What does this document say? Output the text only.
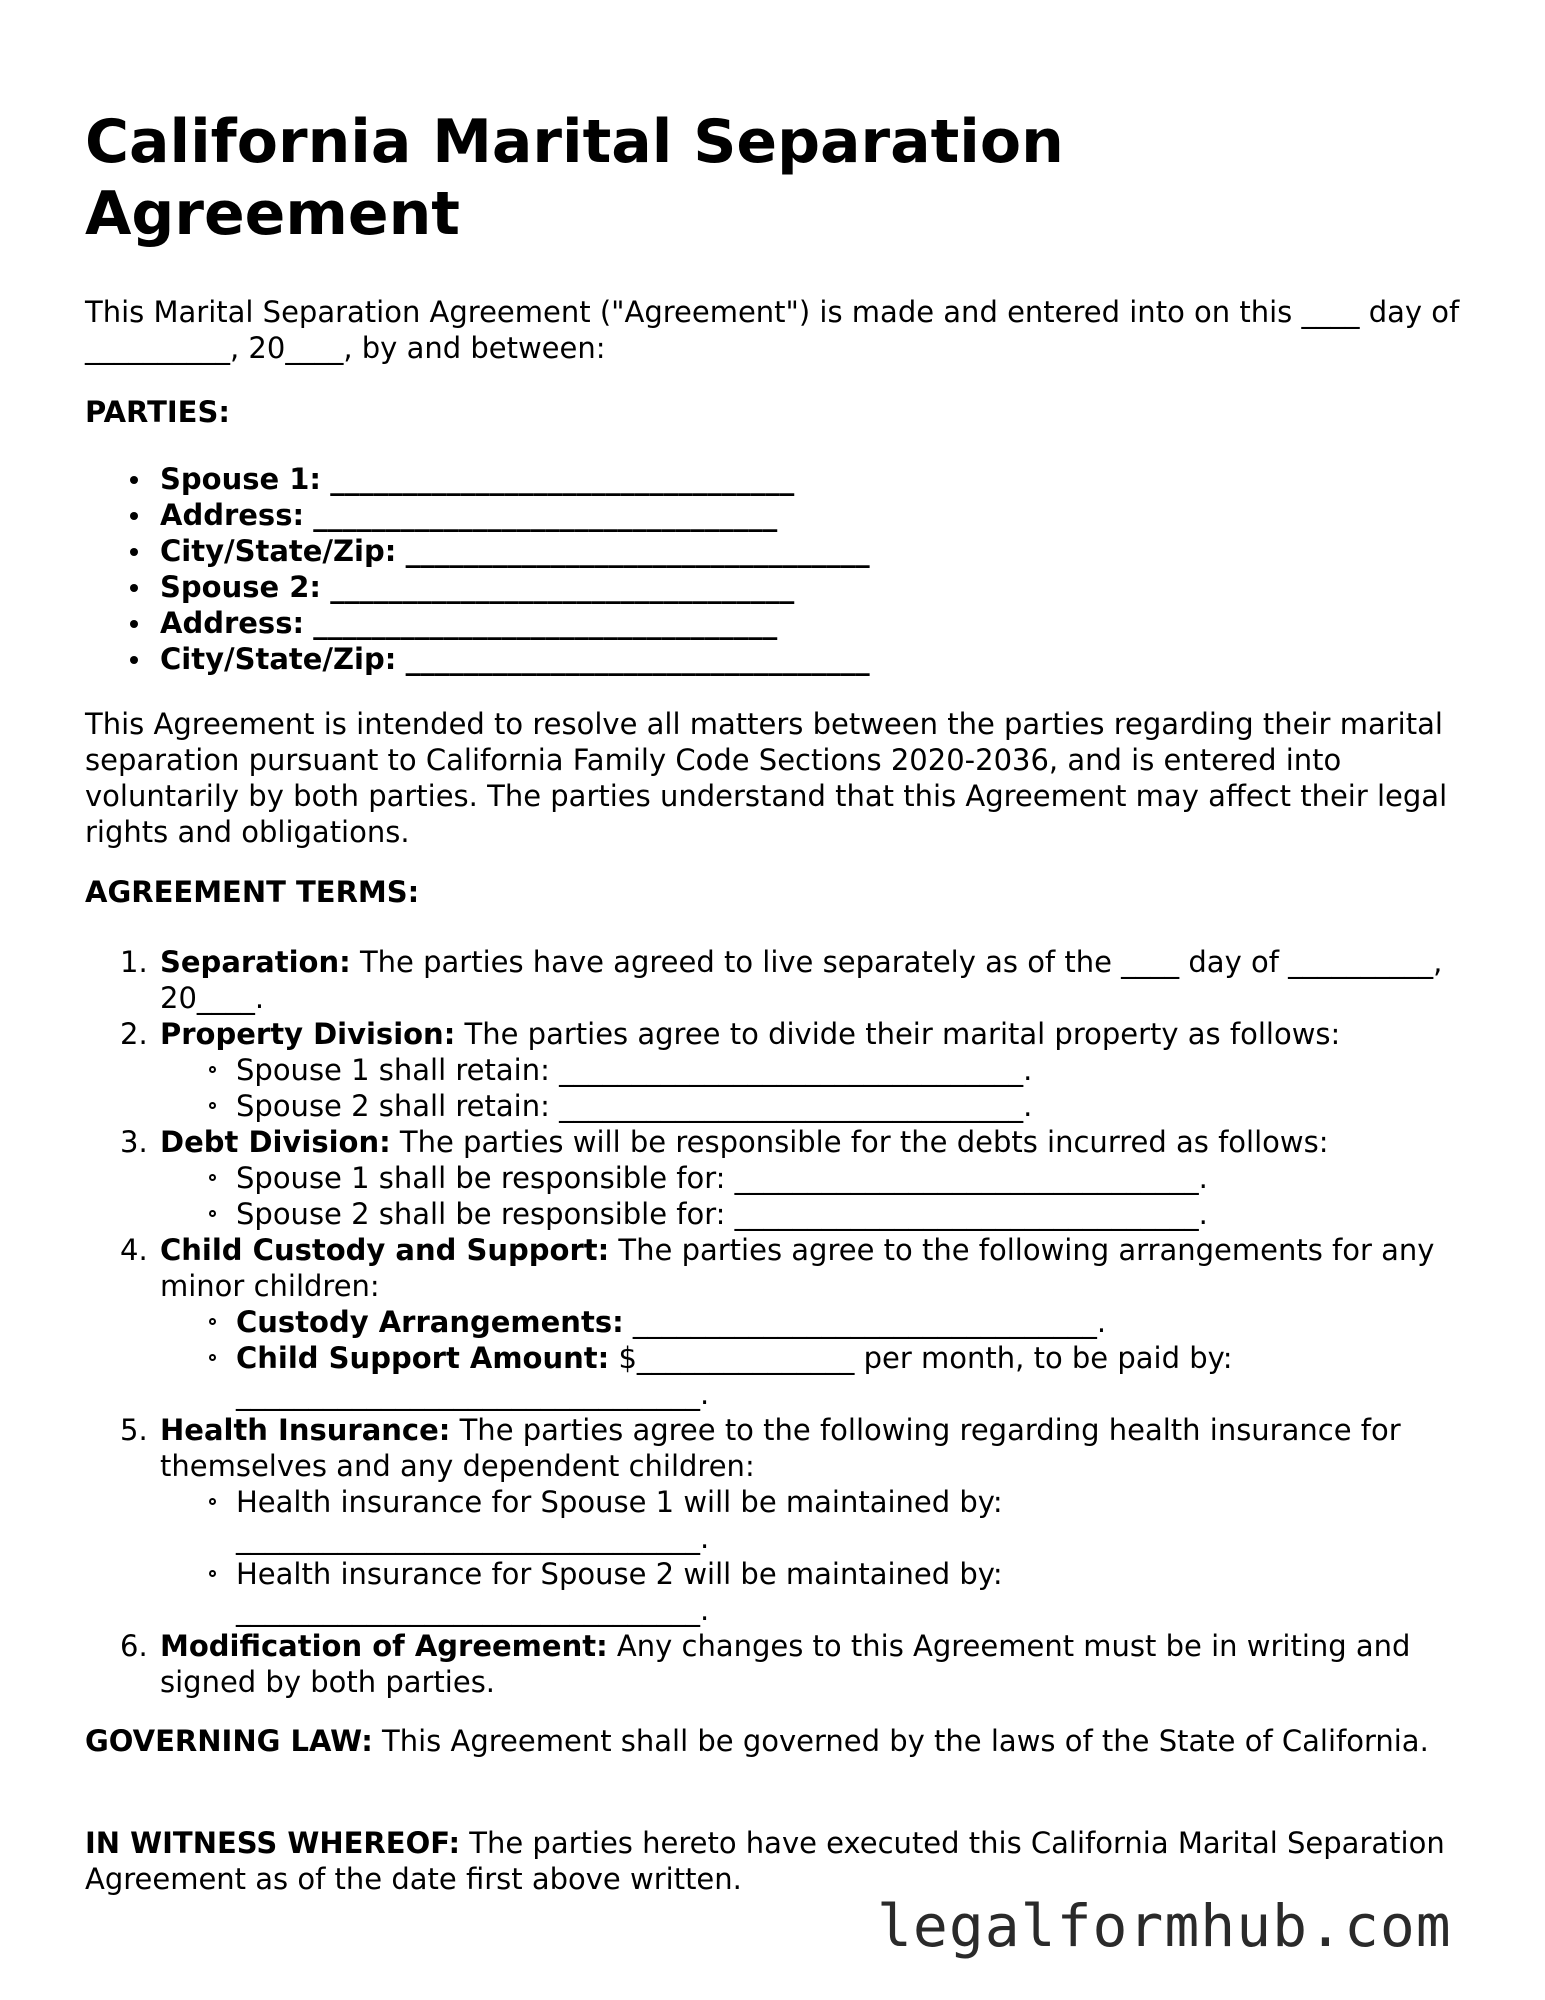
California Marital Separation Agreement

This Marital Separation Agreement ("Agreement") is made and entered into on this ____ day of __________, 20____, by and between:

PARTIES:

Spouse 1: ________________________________
Address: ________________________________
City/State/Zip: ________________________________
Spouse 2: ________________________________
Address: ________________________________
City/State/Zip: ________________________________

This Agreement is intended to resolve all matters between the parties regarding their marital separation pursuant to California Family Code Sections 2020-2036, and is entered into voluntarily by both parties. The parties understand that this Agreement may affect their legal rights and obligations.

AGREEMENT TERMS:

1. Separation: The parties have agreed to live separately as of the ____ day of __________, 20____.
2. Property Division: The parties agree to divide their marital property as follows:
Spouse 1 shall retain: ________________________________.
Spouse 2 shall retain: ________________________________.
3. Debt Division: The parties will be responsible for the debts incurred as follows:
Spouse 1 shall be responsible for: ________________________________.
Spouse 2 shall be responsible for: ________________________________.
4. Child Custody and Support: The parties agree to the following arrangements for any minor children:
Custody Arrangements: ________________________________.
Child Support Amount: $_______________ per month, to be paid by: ________________________________.
5. Health Insurance: The parties agree to the following regarding health insurance for themselves and any dependent children:
Health insurance for Spouse 1 will be maintained by: ________________________________.
Health insurance for Spouse 2 will be maintained by: ________________________________.
6. Modification of Agreement: Any changes to this Agreement must be in writing and signed by both parties.

GOVERNING LAW: This Agreement shall be governed by the laws of the State of California.

IN WITNESS WHEREOF: The parties hereto have executed this California Marital Separation Agreement as of the date first above written.

legalformhub.com
